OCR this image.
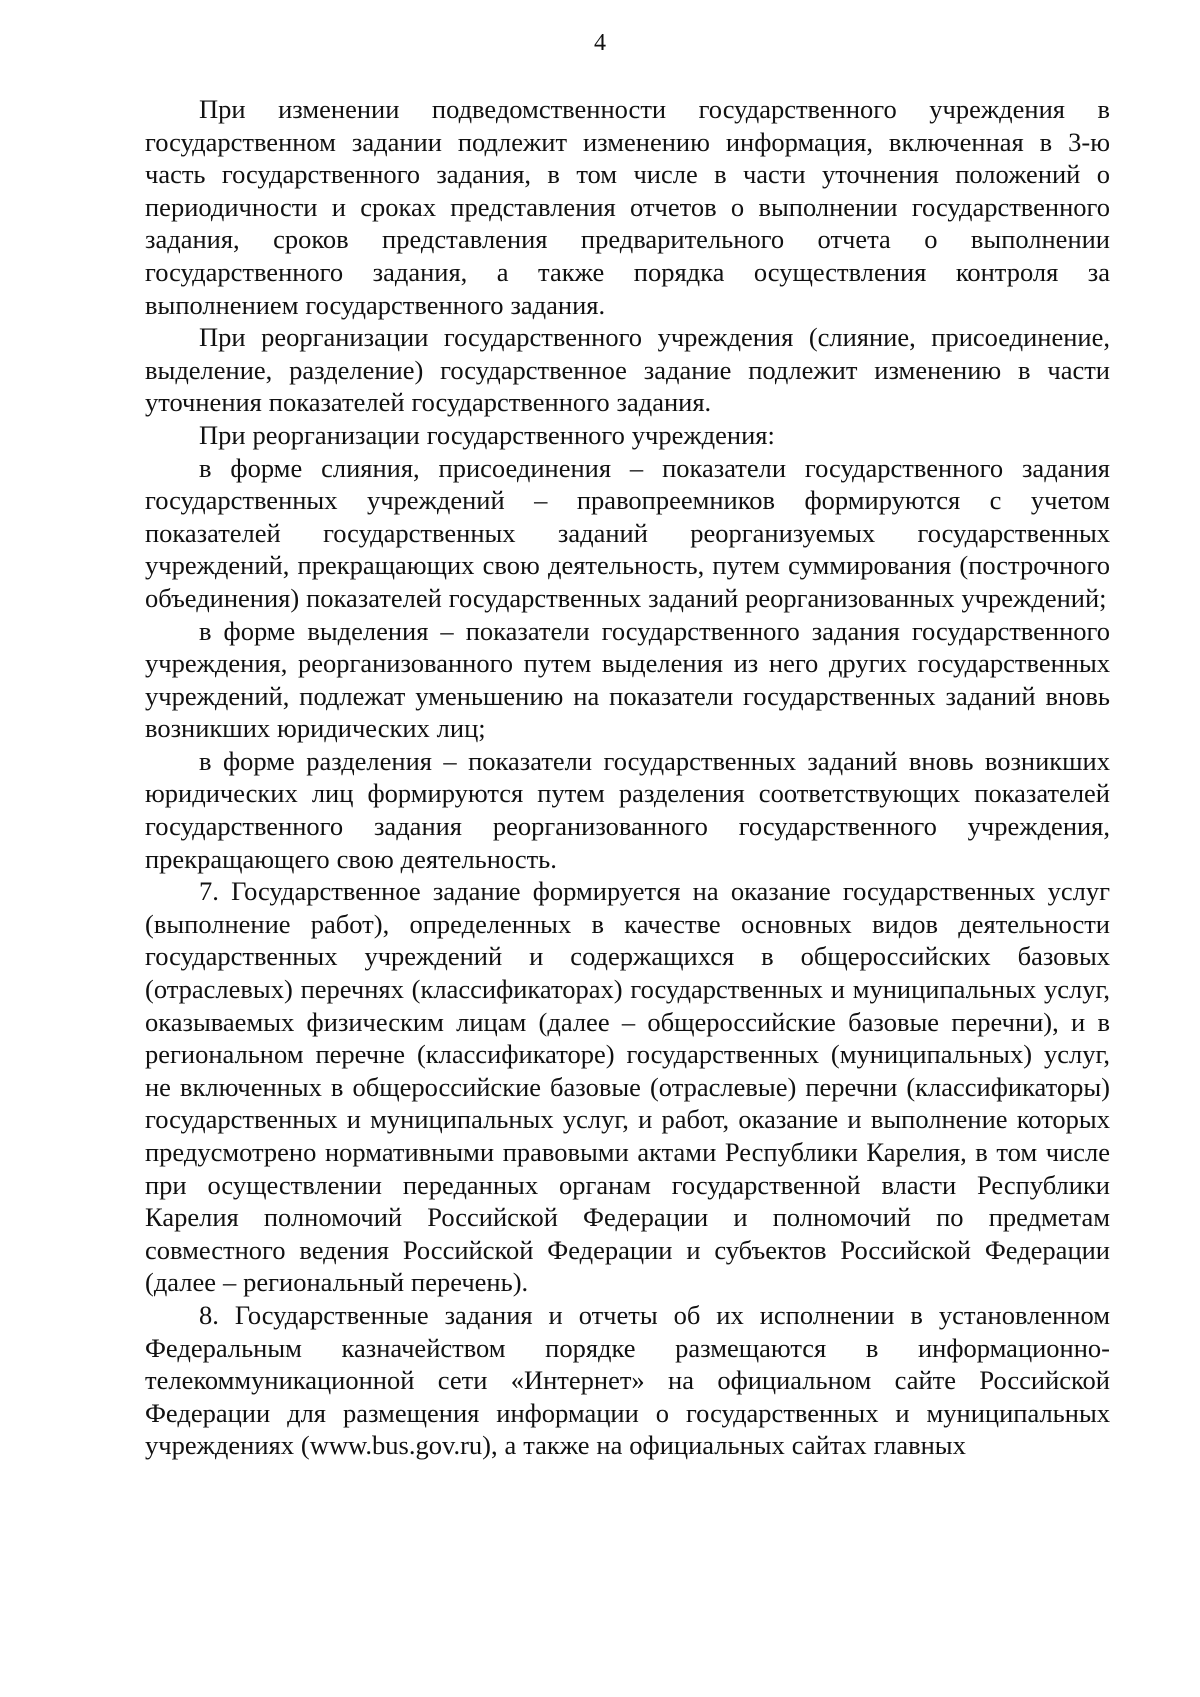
4

При изменении подведомственности государственного учреждения в государственном задании подлежит изменению информация, включенная в 3-ю часть государственного задания, в том числе в части уточнения положений о периодичности и сроках представления отчетов о выполнении государственного задания, сроков представления предварительного отчета о выполнении государственного задания, а также порядка осуществления контроля за выполнением государственного задания.

При реорганизации государственного учреждения (слияние, присоединение, выделение, разделение) государственное задание подлежит изменению в части уточнения показателей государственного задания.

При реорганизации государственного учреждения:

в форме слияния, присоединения – показатели государственного задания государственных учреждений – правопреемников формируются с учетом показателей государственных заданий реорганизуемых государственных учреждений, прекращающих свою деятельность, путем суммирования (построчного объединения) показателей государственных заданий реорганизованных учреждений;

в форме выделения – показатели государственного задания государственного учреждения, реорганизованного путем выделения из него других государственных учреждений, подлежат уменьшению на показатели государственных заданий вновь возникших юридических лиц;

в форме разделения – показатели государственных заданий вновь возникших юридических лиц формируются путем разделения соответствующих показателей государственного задания реорганизованного государственного учреждения, прекращающего свою деятельность.

7. Государственное задание формируется на оказание государственных услуг (выполнение работ), определенных в качестве основных видов деятельности государственных учреждений и содержащихся в общероссийских базовых (отраслевых) перечнях (классификаторах) государственных и муниципальных услуг, оказываемых физическим лицам (далее – общероссийские базовые перечни), и в региональном перечне (классификаторе) государственных (муниципальных) услуг, не включенных в общероссийские базовые (отраслевые) перечни (классификаторы) государственных и муниципальных услуг, и работ, оказание и выполнение которых предусмотрено нормативными правовыми актами Республики Карелия, в том числе при осуществлении переданных органам государственной власти Республики Карелия полномочий Российской Федерации и полномочий по предметам совместного ведения Российской Федерации и субъектов Российской Федерации (далее – региональный перечень).

8. Государственные задания и отчеты об их исполнении в установленном Федеральным казначейством порядке размещаются в информационно-телекоммуникационной сети «Интернет» на официальном сайте Российской Федерации для размещения информации о государственных и муниципальных учреждениях (www.bus.gov.ru), а также на официальных сайтах главных
